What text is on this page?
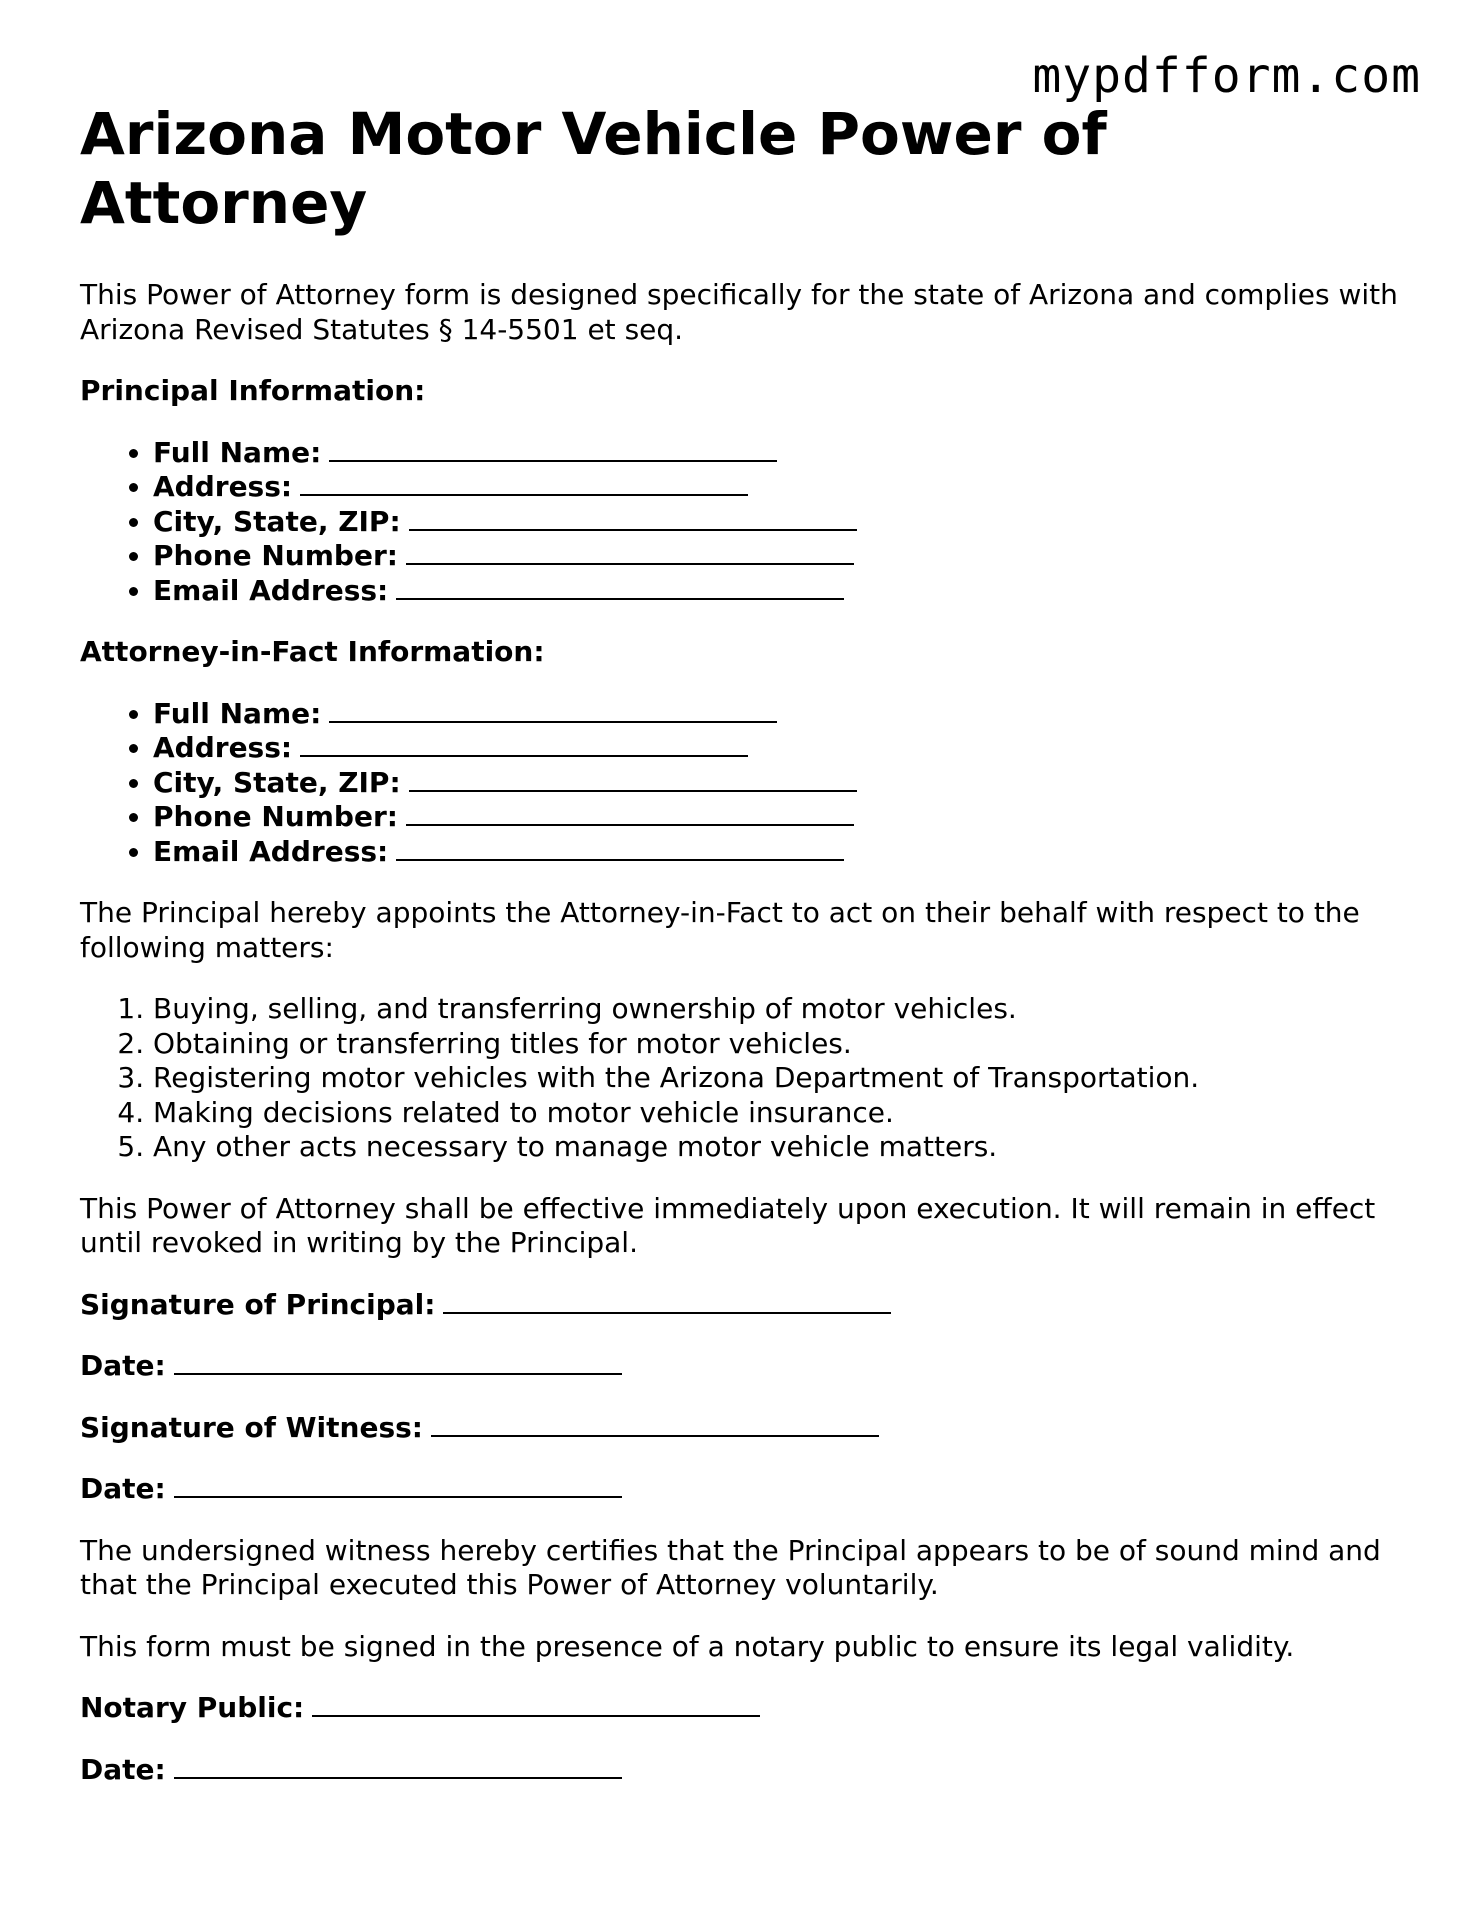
mypdfform.com
Arizona Motor Vehicle Power of Attorney

This Power of Attorney form is designed specifically for the state of Arizona and complies with Arizona Revised Statutes § 14-5501 et seq.

Principal Information:

• Full Name:
• Address:
• City, State, ZIP:
• Phone Number:
• Email Address:

Attorney-in-Fact Information:

• Full Name:
• Address:
• City, State, ZIP:
• Phone Number:
• Email Address:

The Principal hereby appoints the Attorney-in-Fact to act on their behalf with respect to the following matters:

1. Buying, selling, and transferring ownership of motor vehicles.
2. Obtaining or transferring titles for motor vehicles.
3. Registering motor vehicles with the Arizona Department of Transportation.
4. Making decisions related to motor vehicle insurance.
5. Any other acts necessary to manage motor vehicle matters.

This Power of Attorney shall be effective immediately upon execution. It will remain in effect until revoked in writing by the Principal.

Signature of Principal:
Date:
Signature of Witness:
Date:

The undersigned witness hereby certifies that the Principal appears to be of sound mind and that the Principal executed this Power of Attorney voluntarily.

This form must be signed in the presence of a notary public to ensure its legal validity.

Notary Public:
Date:
